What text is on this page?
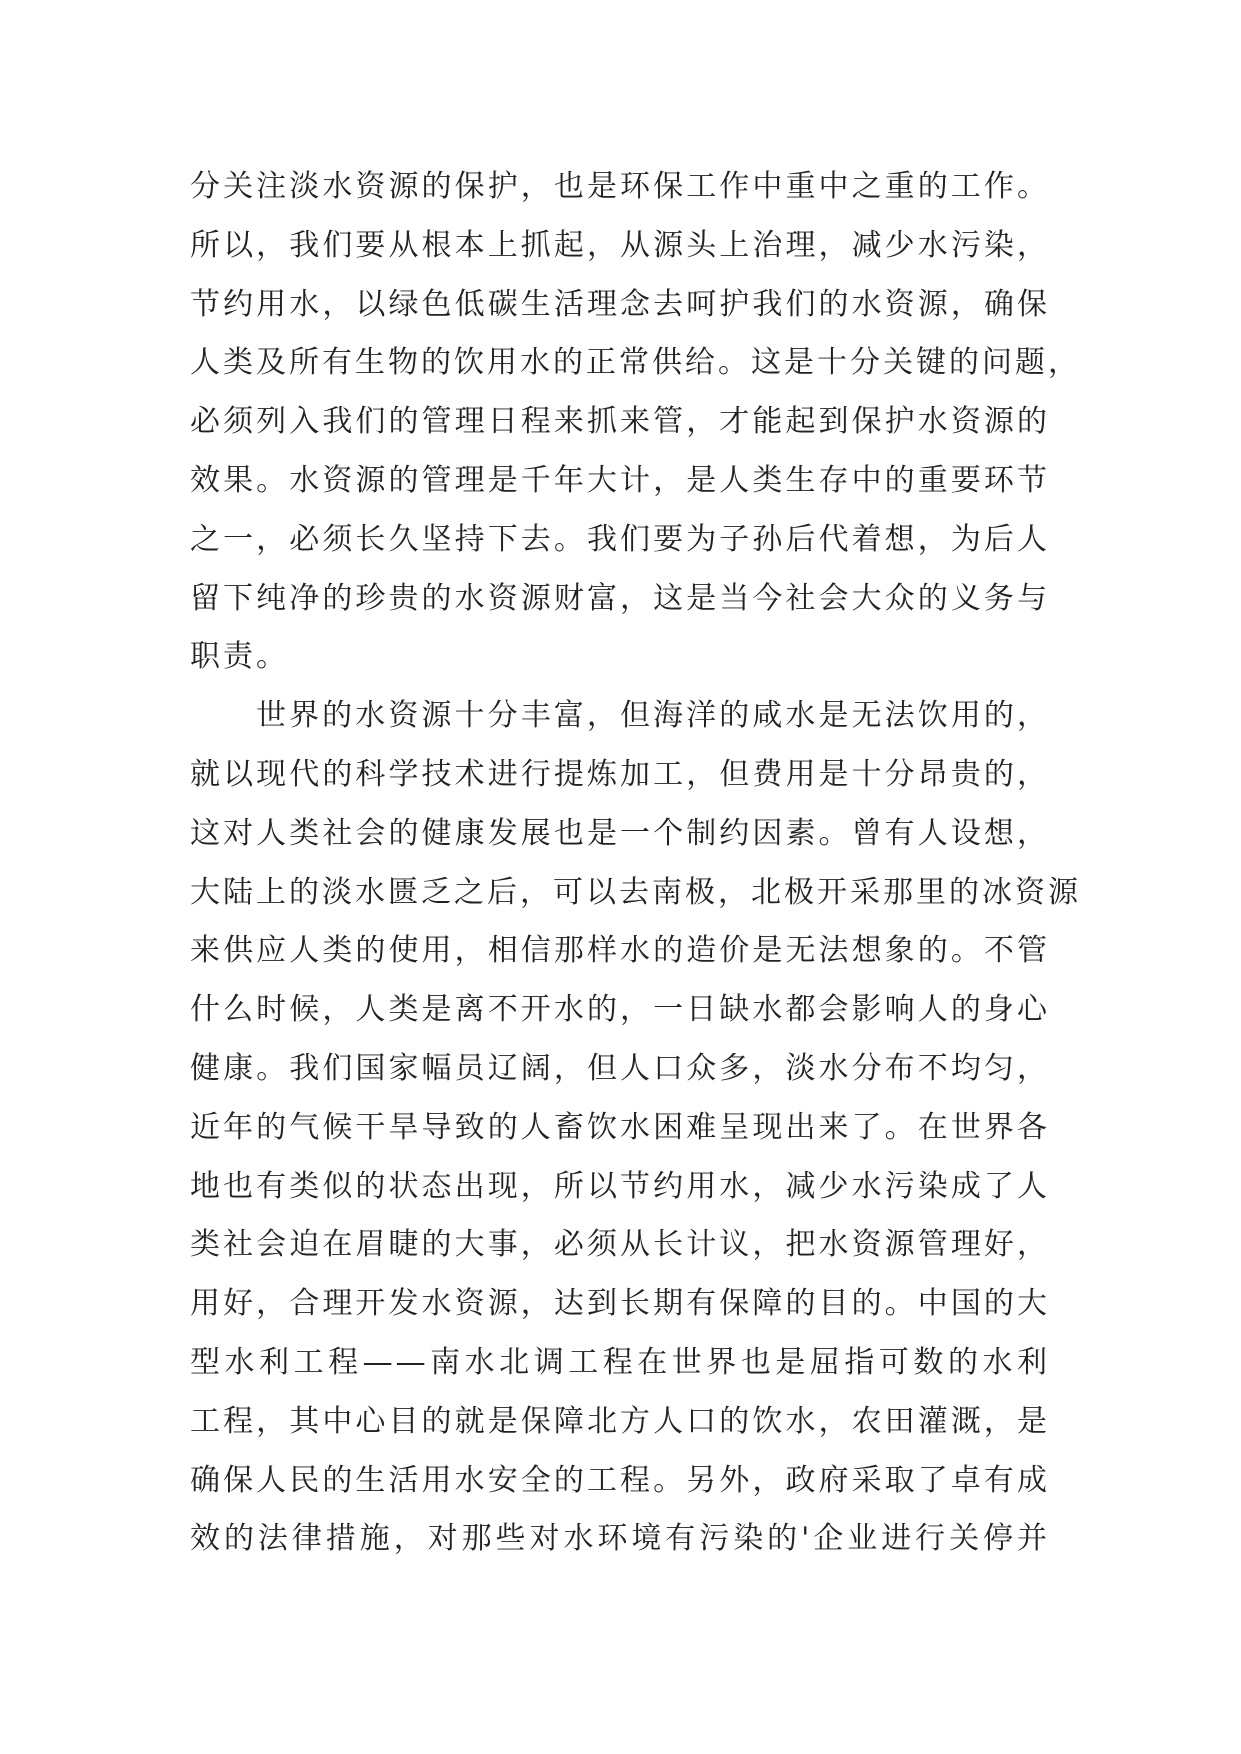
分关注淡水资源的保护，也是环保工作中重中之重的工作。
所以，我们要从根本上抓起，从源头上治理，减少水污染，
节约用水，以绿色低碳生活理念去呵护我们的水资源，确保
人类及所有生物的饮用水的正常供给。这是十分关键的问题，
必须列入我们的管理日程来抓来管，才能起到保护水资源的
效果。水资源的管理是千年大计，是人类生存中的重要环节
之一，必须长久坚持下去。我们要为子孙后代着想，为后人
留下纯净的珍贵的水资源财富，这是当今社会大众的义务与
职责。
世界的水资源十分丰富，但海洋的咸水是无法饮用的，
就以现代的科学技术进行提炼加工，但费用是十分昂贵的，
这对人类社会的健康发展也是一个制约因素。曾有人设想，
大陆上的淡水匮乏之后，可以去南极，北极开采那里的冰资源
来供应人类的使用，相信那样水的造价是无法想象的。不管
什么时候，人类是离不开水的，一日缺水都会影响人的身心
健康。我们国家幅员辽阔，但人口众多，淡水分布不均匀，
近年的气候干旱导致的人畜饮水困难呈现出来了。在世界各
地也有类似的状态出现，所以节约用水，减少水污染成了人
类社会迫在眉睫的大事，必须从长计议，把水资源管理好，
用好，合理开发水资源，达到长期有保障的目的。中国的大
型水利工程——南水北调工程在世界也是屈指可数的水利
工程，其中心目的就是保障北方人口的饮水，农田灌溉，是
确保人民的生活用水安全的工程。另外，政府采取了卓有成
效的法律措施，对那些对水环境有污染的'企业进行关停并
